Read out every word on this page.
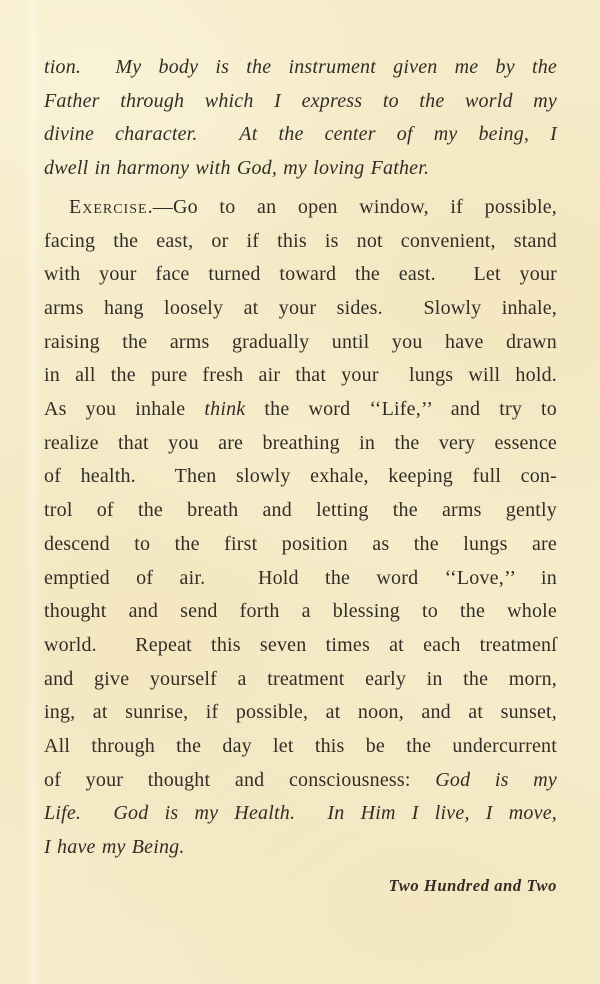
tion.  My body is the instrument given me by the
Father through which I express to the world my
divine character.  At the center of my being, I
dwell in harmony with God, my loving Father.
Exercise.—Go to an open window, if possible,
facing the east, or if this is not convenient, stand
with your face turned toward the east.  Let your
arms hang loosely at your sides.  Slowly inhale,
raising the arms gradually until you have drawn
in all the pure fresh air that your  lungs will hold.
As you inhale think the word ‘‘Life,’’ and try to
realize that you are breathing in the very essence
of health.  Then slowly exhale, keeping full con-
trol of the breath and letting the arms gently
descend to the first position as the lungs are
emptied of air.  Hold the word ‘‘Love,’’ in
thought and send forth a blessing to the whole
world.  Repeat this seven times at each treatmenſ
and give yourself a treatment early in the morn,
ing, at sunrise, if possible, at noon, and at sunset,
All through the day let this be the undercurrent
of your thought and consciousness: God is my
Life.  God is my Health.  In Him I live, I move,
I have my Being.
Two Hundred and Two
